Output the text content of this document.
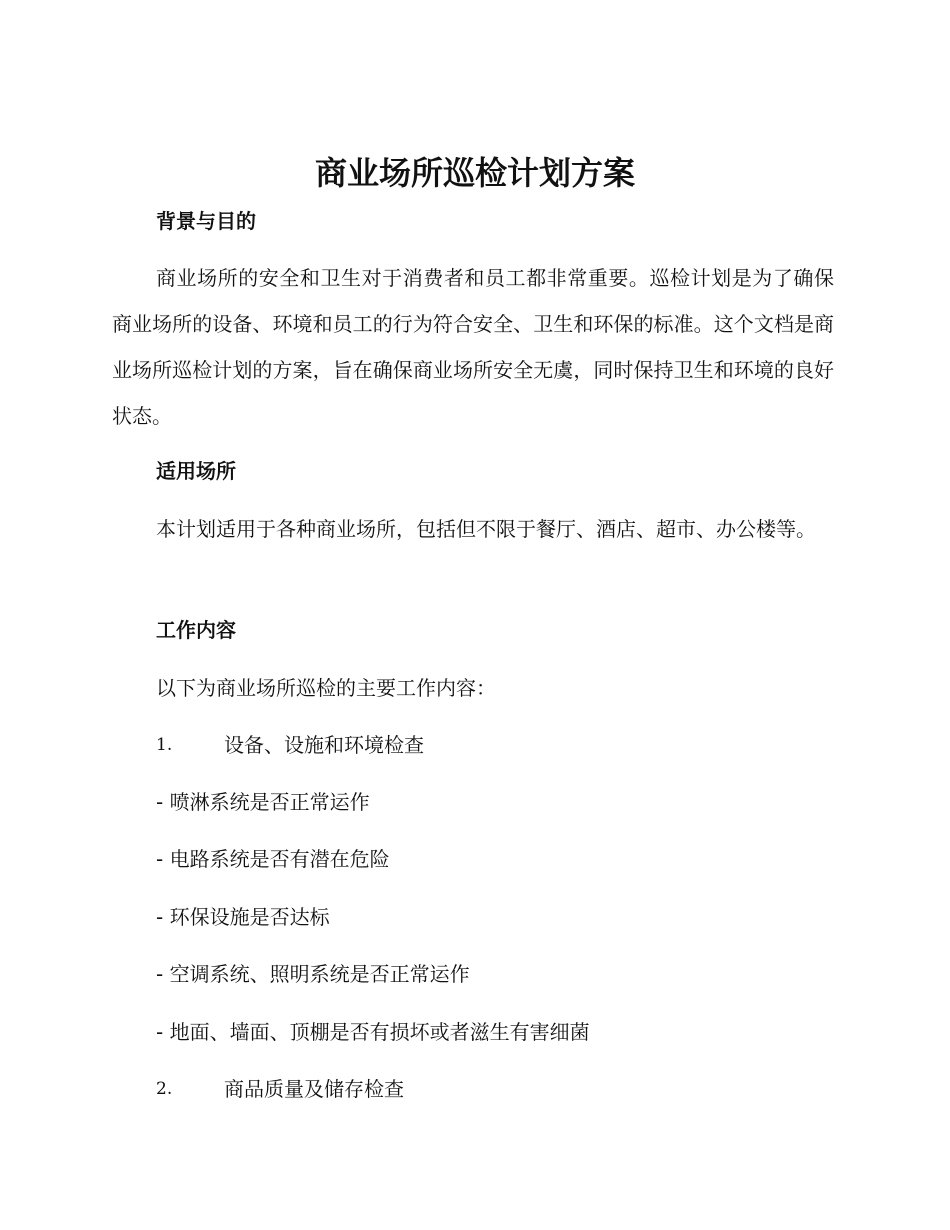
商业场所巡检计划方案
背景与目的
商业场所的安全和卫生对于消费者和员工都非常重要。巡检计划是为了确保商业场所的设备、环境和员工的行为符合安全、卫生和环保的标准。这个文档是商业场所巡检计划的方案，旨在确保商业场所安全无虞，同时保持卫生和环境的良好状态。
适用场所
本计划适用于各种商业场所，包括但不限于餐厅、酒店、超市、办公楼等。
工作内容
以下为商业场所巡检的主要工作内容：
1.	设备、设施和环境检查
- 喷淋系统是否正常运作
- 电路系统是否有潜在危险
- 环保设施是否达标
- 空调系统、照明系统是否正常运作
- 地面、墙面、顶棚是否有损坏或者滋生有害细菌
2.	商品质量及储存检查
